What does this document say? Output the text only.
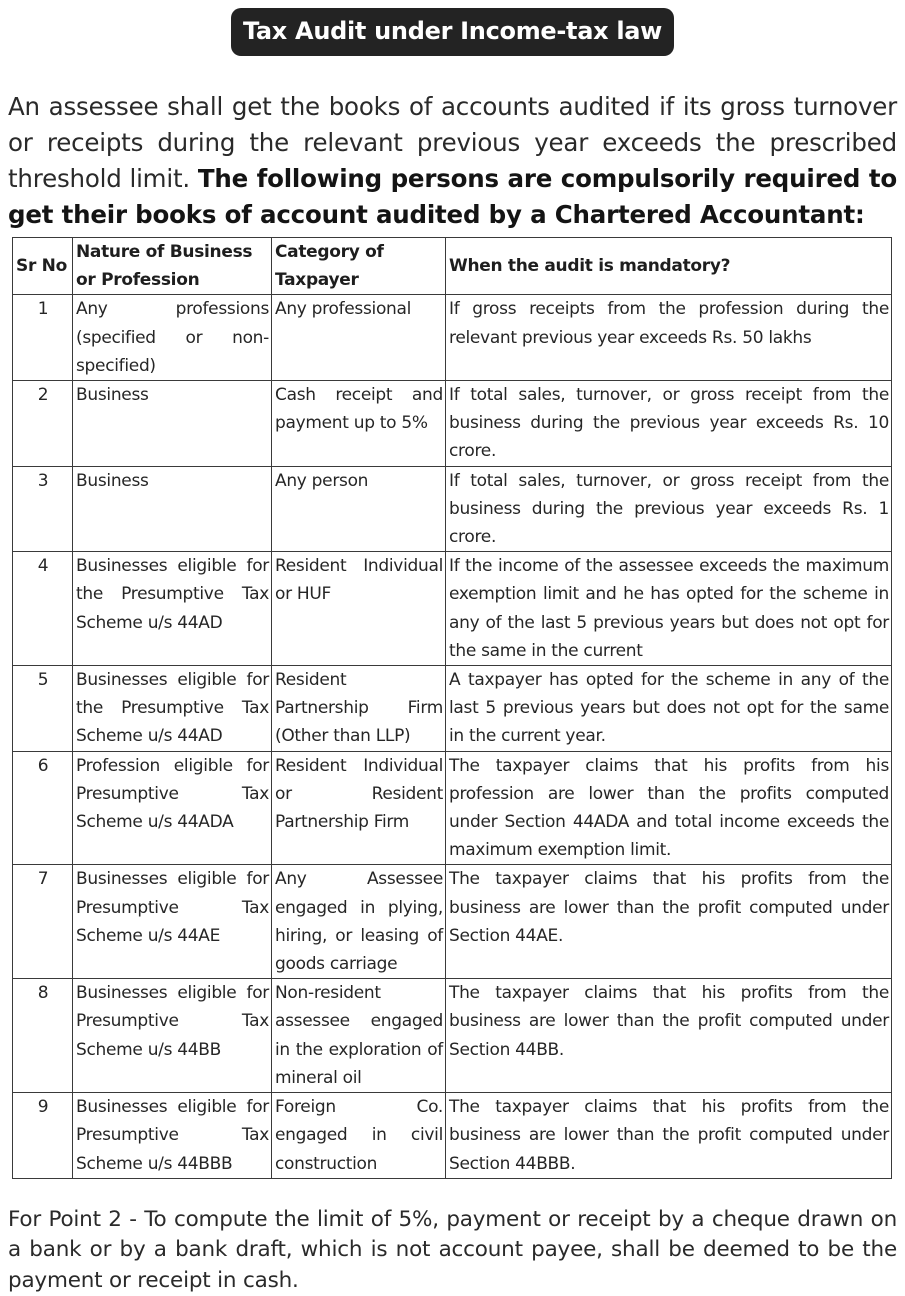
Tax Audit under Income-tax law

An assessee shall get the books of accounts audited if its gross turnover or receipts during the relevant previous year exceeds the prescribed threshold limit. The following persons are compulsorily required to get their books of account audited by a Chartered Accountant:

Sr No	Nature of Business or Profession	Category of Taxpayer	When the audit is mandatory?
1	Any professions (specified or non-specified)	Any professional	If gross receipts from the profession during the relevant previous year exceeds Rs. 50 lakhs
2	Business	Cash receipt and payment up to 5%	If total sales, turnover, or gross receipt from the business during the previous year exceeds Rs. 10 crore.
3	Business	Any person	If total sales, turnover, or gross receipt from the business during the previous year exceeds Rs. 1 crore.
4	Businesses eligible for the Presumptive Tax Scheme u/s 44AD	Resident Individual or HUF	If the income of the assessee exceeds the maximum exemption limit and he has opted for the scheme in any of the last 5 previous years but does not opt for the same in the current
5	Businesses eligible for the Presumptive Tax Scheme u/s 44AD	Resident Partnership Firm (Other than LLP)	A taxpayer has opted for the scheme in any of the last 5 previous years but does not opt for the same in the current year.
6	Profession eligible for Presumptive Tax Scheme u/s 44ADA	Resident Individual or Resident Partnership Firm	The taxpayer claims that his profits from his profession are lower than the profits computed under Section 44ADA and total income exceeds the maximum exemption limit.
7	Businesses eligible for Presumptive Tax Scheme u/s 44AE	Any Assessee engaged in plying, hiring, or leasing of goods carriage	The taxpayer claims that his profits from the business are lower than the profit computed under Section 44AE.
8	Businesses eligible for Presumptive Tax Scheme u/s 44BB	Non-resident assessee engaged in the exploration of mineral oil	The taxpayer claims that his profits from the business are lower than the profit computed under Section 44BB.
9	Businesses eligible for Presumptive Tax Scheme u/s 44BBB	Foreign Co. engaged in civil construction	The taxpayer claims that his profits from the business are lower than the profit computed under Section 44BBB.

For Point 2 - To compute the limit of 5%, payment or receipt by a cheque drawn on a bank or by a bank draft, which is not account payee, shall be deemed to be the payment or receipt in cash.
